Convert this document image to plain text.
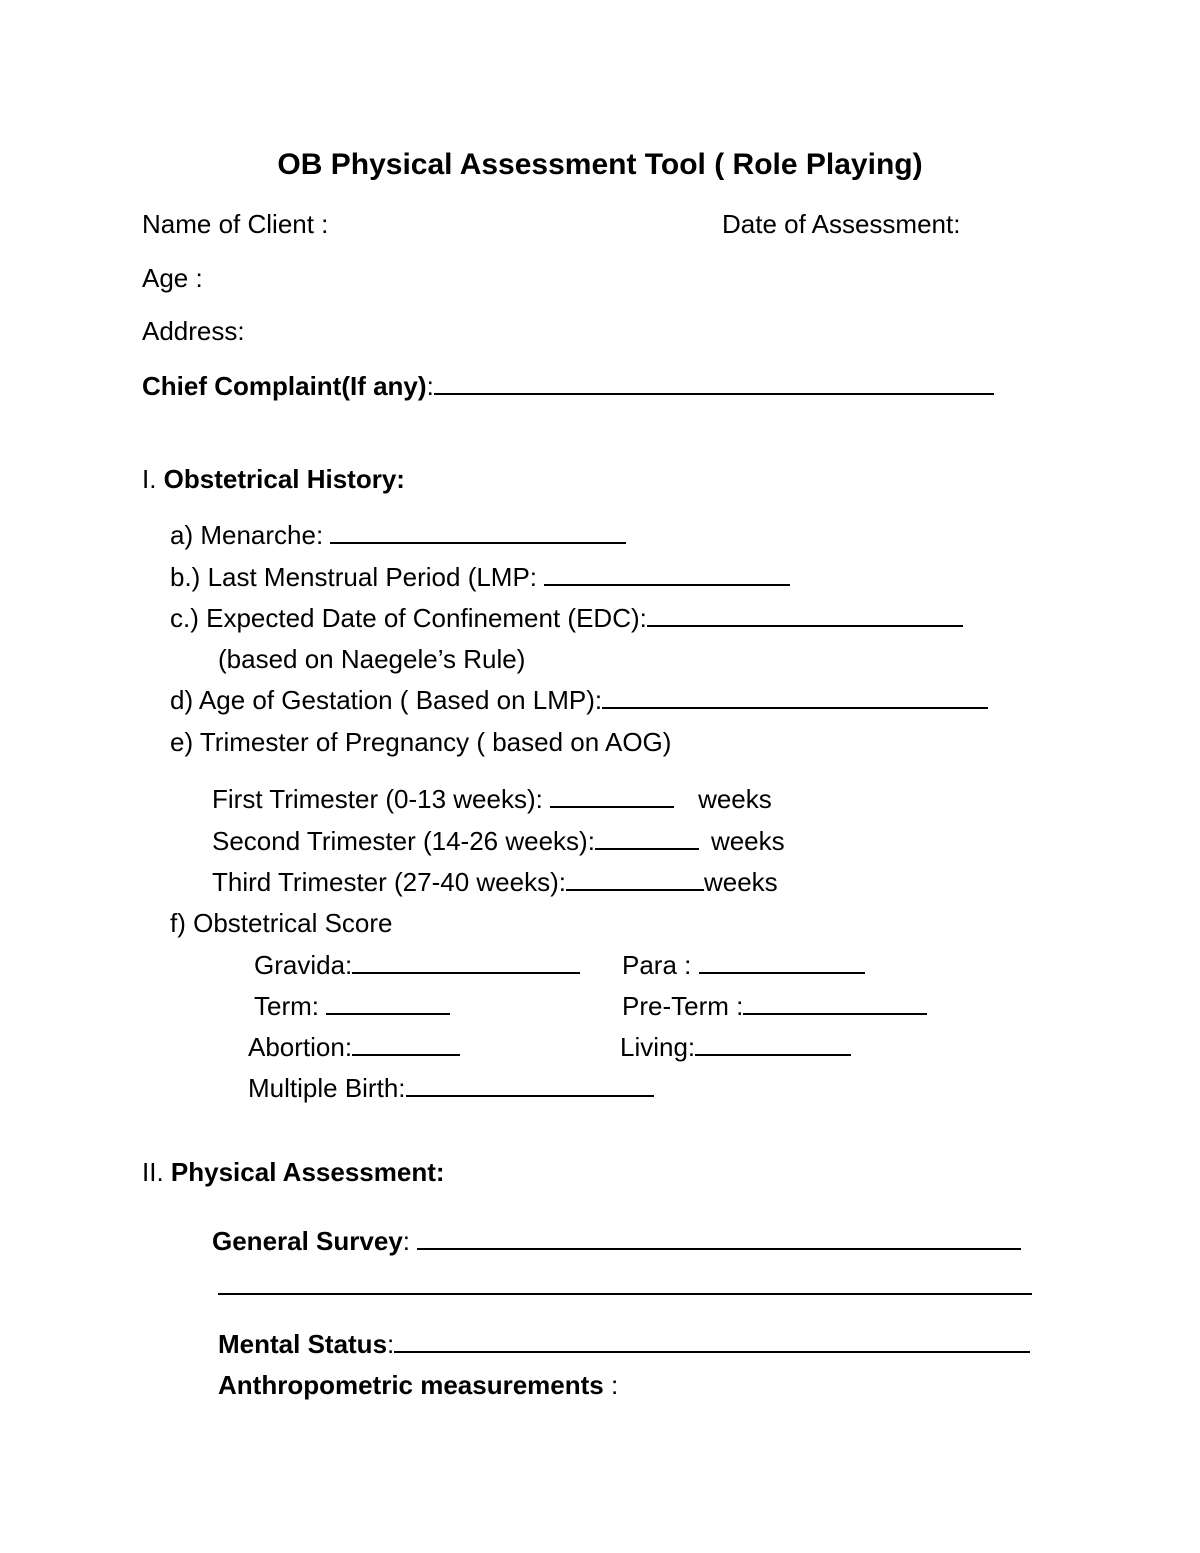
OB Physical Assessment Tool ( Role Playing)
Name of Client :	Date of Assessment:
Age :
Address:
Chief Complaint(If any):
I. Obstetrical History:
a) Menarche:
b.) Last Menstrual Period (LMP:
c.) Expected Date of Confinement (EDC):
(based on Naegele’s Rule)
d) Age of Gestation ( Based on LMP):
e) Trimester of Pregnancy ( based on AOG)
First Trimester (0-13 weeks):	weeks
Second Trimester (14-26 weeks):	weeks
Third Trimester (27-40 weeks):	weeks
f) Obstetrical Score
Gravida:	Para :
Term:	Pre-Term :
Abortion:	Living:
Multiple Birth:
II. Physical Assessment:
General Survey:
Mental Status:
Anthropometric measurements :
